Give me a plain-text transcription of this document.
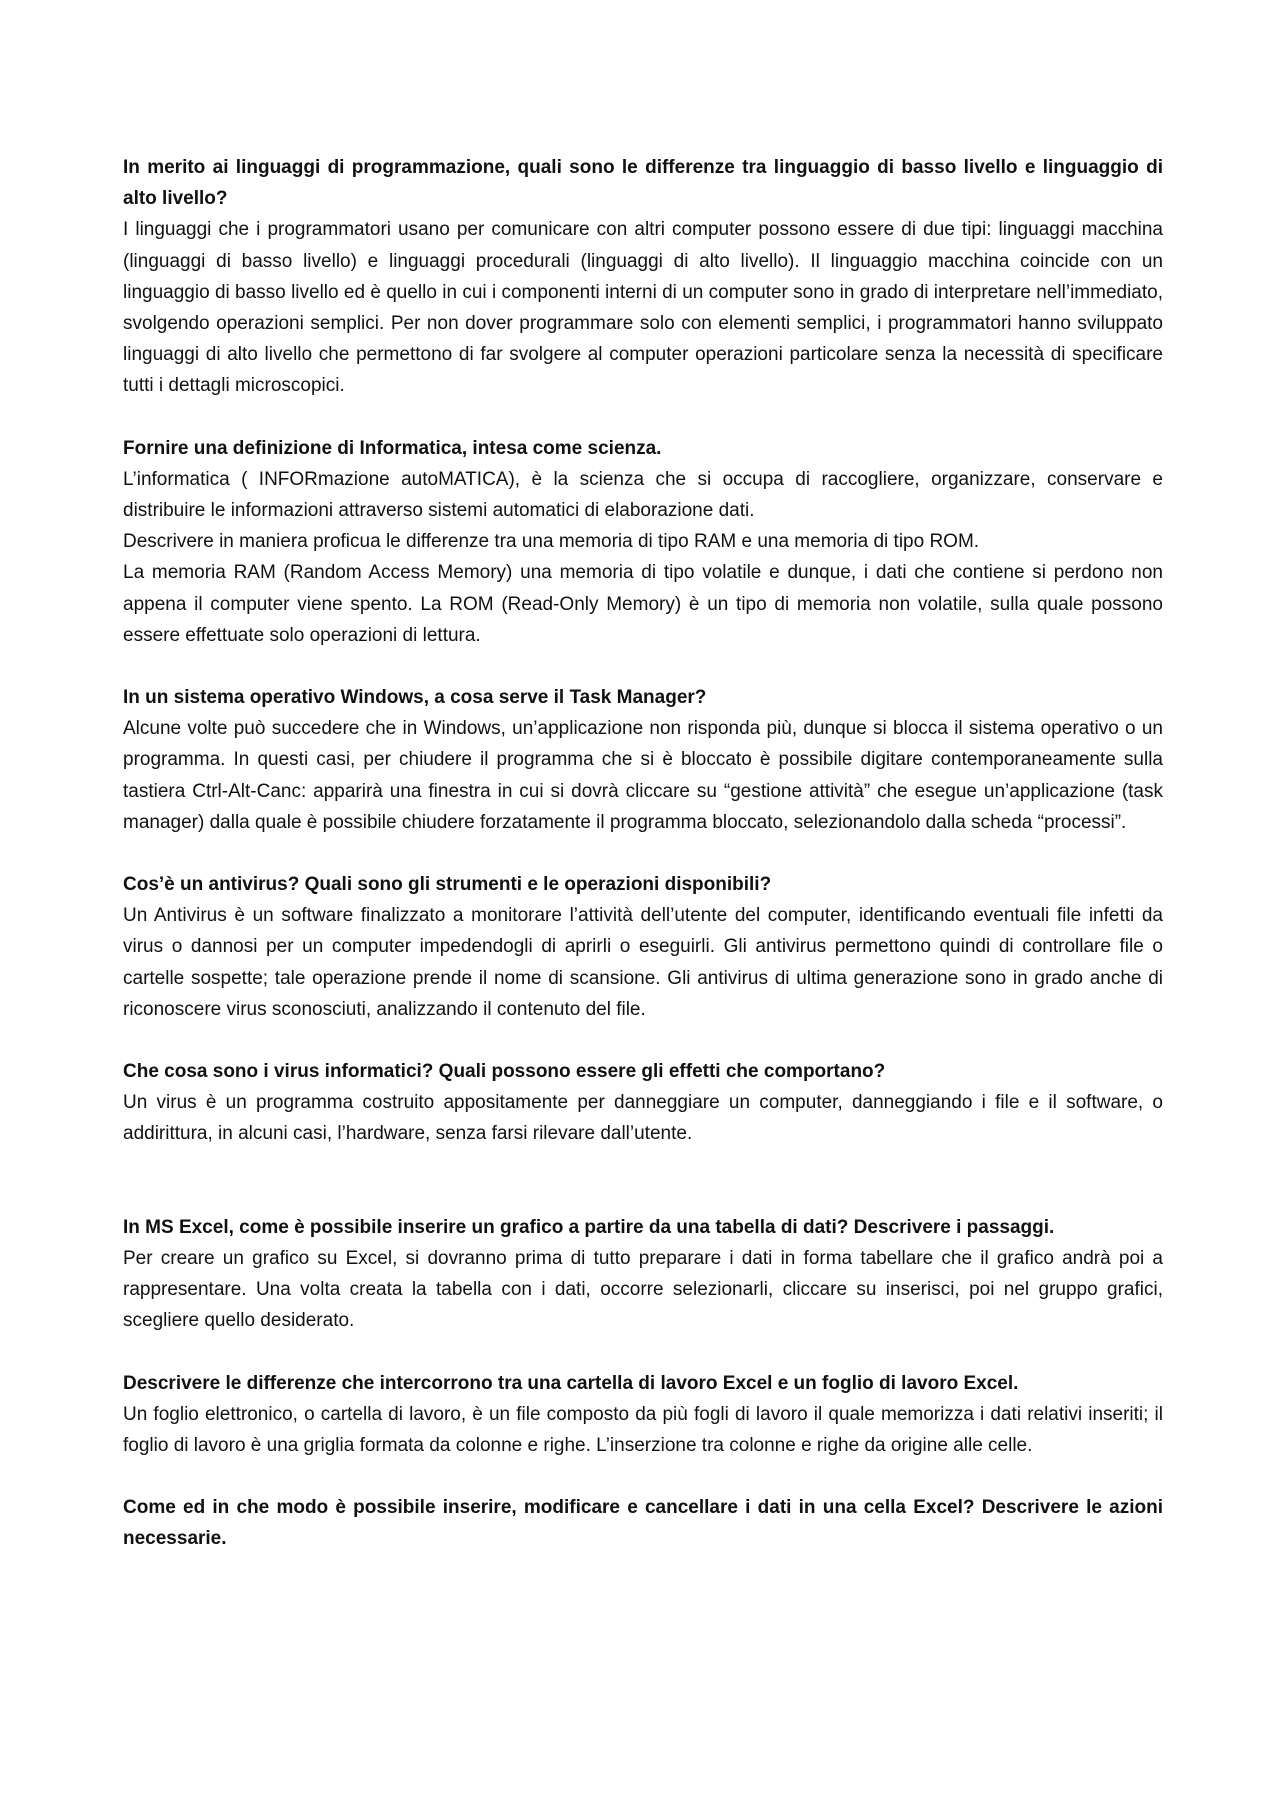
In merito ai linguaggi di programmazione, quali sono le differenze tra linguaggio di basso livello e linguaggio di alto livello?

I linguaggi che i programmatori usano per comunicare con altri computer possono essere di due tipi: linguaggi macchina (linguaggi di basso livello) e linguaggi procedurali (linguaggi di alto livello). Il linguaggio macchina coincide con un linguaggio di basso livello ed è quello in cui i componenti interni di un computer sono in grado di interpretare nell’immediato, svolgendo operazioni semplici. Per non dover programmare solo con elementi semplici, i programmatori hanno sviluppato linguaggi di alto livello che permettono di far svolgere al computer operazioni particolare senza la necessità di specificare tutti i dettagli microscopici.

Fornire una definizione di Informatica, intesa come scienza.

L’informatica ( INFORmazione autoMATICA), è la scienza che si occupa di raccogliere, organizzare, conservare e distribuire le informazioni attraverso sistemi automatici di elaborazione dati.

Descrivere in maniera proficua le differenze tra una memoria di tipo RAM e una memoria di tipo ROM.

La memoria RAM (Random Access Memory) una memoria di tipo volatile e dunque, i dati che contiene si perdono non appena il computer viene spento. La ROM (Read-Only Memory) è un tipo di memoria non volatile, sulla quale possono essere effettuate solo operazioni di lettura.

In un sistema operativo Windows, a cosa serve il Task Manager?

Alcune volte può succedere che in Windows, un’applicazione non risponda più, dunque si blocca il sistema operativo o un programma. In questi casi, per chiudere il programma che si è bloccato è possibile digitare contemporaneamente sulla tastiera Ctrl-Alt-Canc: apparirà una finestra in cui si dovrà cliccare su “gestione attività” che esegue un’applicazione (task manager) dalla quale è possibile chiudere forzatamente il programma bloccato, selezionandolo dalla scheda “processi”.

Cos’è un antivirus? Quali sono gli strumenti e le operazioni disponibili?

Un Antivirus è un software finalizzato a monitorare l’attività dell’utente del computer, identificando eventuali file infetti da virus o dannosi per un computer impedendogli di aprirli o eseguirli. Gli antivirus permettono quindi di controllare file o cartelle sospette; tale operazione prende il nome di scansione. Gli antivirus di ultima generazione sono in grado anche di riconoscere virus sconosciuti, analizzando il contenuto del file.

Che cosa sono i virus informatici? Quali possono essere gli effetti che comportano?

Un virus è un programma costruito appositamente per danneggiare un computer, danneggiando i file e il software, o addirittura, in alcuni casi, l’hardware, senza farsi rilevare dall’utente.

In MS Excel, come è possibile inserire un grafico a partire da una tabella di dati? Descrivere i passaggi.

Per creare un grafico su Excel, si dovranno prima di tutto preparare i dati in forma tabellare che il grafico andrà poi a rappresentare. Una volta creata la tabella con i dati, occorre selezionarli, cliccare su inserisci, poi nel gruppo grafici, scegliere quello desiderato.

Descrivere le differenze che intercorrono tra una cartella di lavoro Excel e un foglio di lavoro Excel.

Un foglio elettronico, o cartella di lavoro, è un file composto da più fogli di lavoro il quale memorizza i dati relativi inseriti; il foglio di lavoro è una griglia formata da colonne e righe. L’inserzione tra colonne e righe da origine alle celle.

Come ed in che modo è possibile inserire, modificare e cancellare i dati in una cella Excel? Descrivere le azioni necessarie.
